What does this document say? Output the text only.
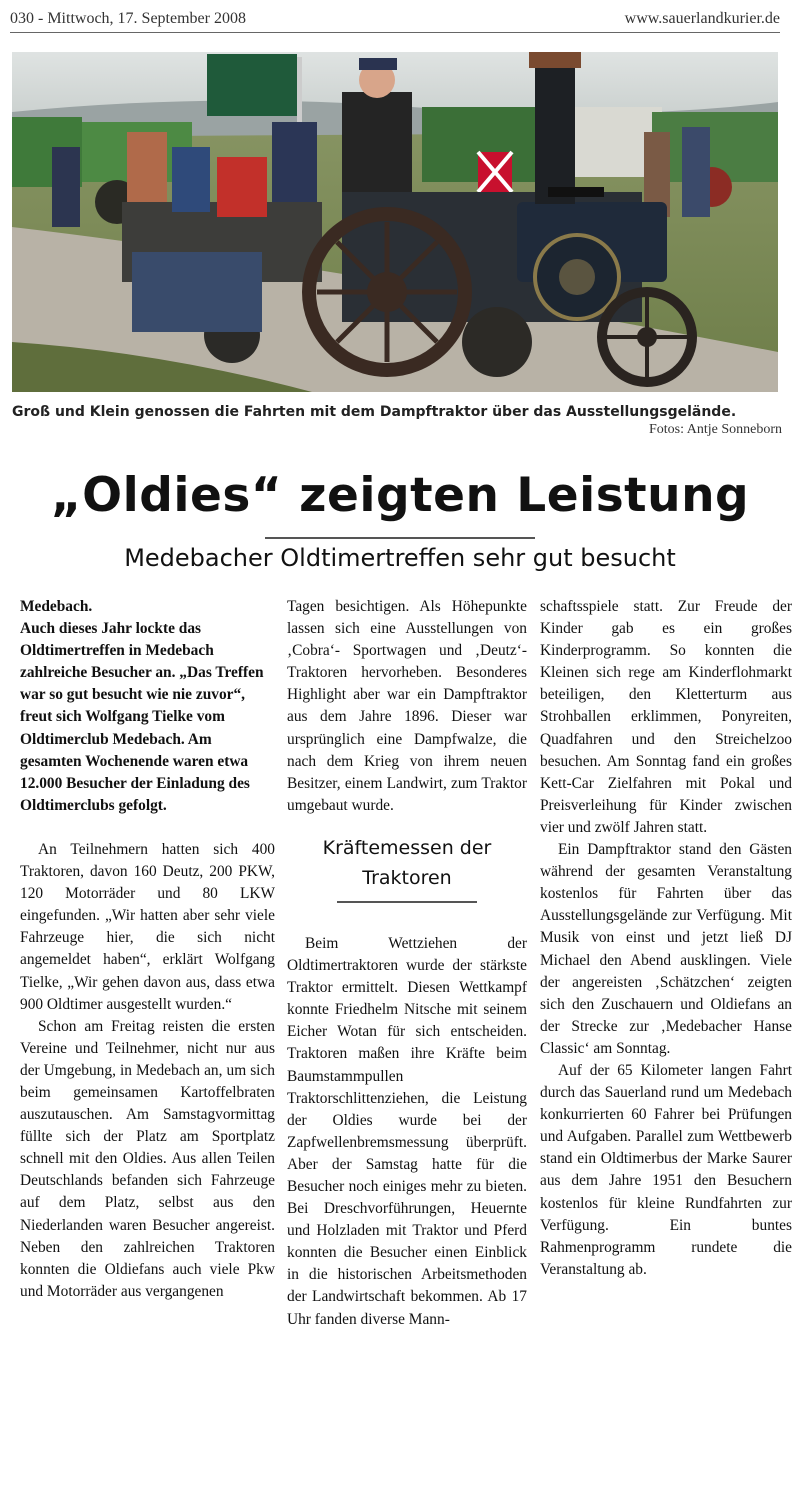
030 - Mittwoch, 17. September 2008	www.sauerlandkurier.de
Groß und Klein genossen die Fahrten mit dem Dampftraktor über das Ausstellungsgelände.
Fotos: Antje Sonneborn
„Oldies“ zeigten Leistung
Medebacher Oldtimertreffen sehr gut besucht

Medebach.

Auch dieses Jahr lockte das Oldtimertreffen in Medebach zahlreiche Besucher an. „Das Treffen war so gut besucht wie nie zuvor“, freut sich Wolfgang Tielke vom Oldtimerclub Medebach. Am gesamten Wochenende waren etwa 12.000 Besucher der Einladung des Oldtimerclubs gefolgt.

An Teilnehmern hatten sich 400 Traktoren, davon 160 Deutz, 200 PKW, 120 Motorräder und 80 LKW eingefunden. „Wir hatten aber sehr viele Fahrzeuge hier, die sich nicht angemeldet haben“, erklärt Wolfgang Tielke, „Wir gehen davon aus, dass etwa 900 Oldtimer ausgestellt wurden.“

Schon am Freitag reisten die ersten Vereine und Teilnehmer, nicht nur aus der Umgebung, in Medebach an, um sich beim gemeinsamen Kartoffelbraten auszutauschen. Am Samstagvormittag füllte sich der Platz am Sportplatz schnell mit den Oldies. Aus allen Teilen Deutschlands befanden sich Fahrzeuge auf dem Platz, selbst aus den Niederlanden waren Besucher angereist. Neben den zahlreichen Traktoren konnten die Oldiefans auch viele Pkw und Motorräder aus vergangenen

Tagen besichtigen. Als Höhepunkte lassen sich eine Ausstellungen von ‚Cobra‘- Sportwagen und ‚Deutz‘- Traktoren hervorheben. Besonderes Highlight aber war ein Dampftraktor aus dem Jahre 1896. Dieser war ursprünglich eine Dampfwalze, die nach dem Krieg von ihrem neuen Besitzer, einem Landwirt, zum Traktor umgebaut wurde.

Kräftemessen der
Traktoren

Beim Wettziehen der Oldtimertraktoren wurde der stärkste Traktor ermittelt. Diesen Wettkampf konnte Friedhelm Nitsche mit seinem Eicher Wotan für sich entscheiden. Traktoren maßen ihre Kräfte beim Baumstammpullen Traktorschlittenziehen, die Leistung der Oldies wurde bei der Zapfwellenbremsmessung überprüft. Aber der Samstag hatte für die Besucher noch einiges mehr zu bieten. Bei Dreschvorführungen, Heuernte und Holzladen mit Traktor und Pferd konnten die Besucher einen Einblick in die historischen Arbeitsmethoden der Landwirtschaft bekommen. Ab 17 Uhr fanden diverse Mann-

schaftsspiele statt. Zur Freude der Kinder gab es ein großes Kinderprogramm. So konnten die Kleinen sich rege am Kinderflohmarkt beteiligen, den Kletterturm aus Strohballen erklimmen, Ponyreiten, Quadfahren und den Streichelzoo besuchen. Am Sonntag fand ein großes Kett-Car Zielfahren mit Pokal und Preisverleihung für Kinder zwischen vier und zwölf Jahren statt.

Ein Dampftraktor stand den Gästen während der gesamten Veranstaltung kostenlos für Fahrten über das Ausstellungsgelände zur Verfügung. Mit Musik von einst und jetzt ließ DJ Michael den Abend ausklingen. Viele der angereisten ‚Schätzchen‘ zeigten sich den Zuschauern und Oldiefans an der Strecke zur ‚Medebacher Hanse Classic‘ am Sonntag.

Auf der 65 Kilometer langen Fahrt durch das Sauerland rund um Medebach konkurrierten 60 Fahrer bei Prüfungen und Aufgaben. Parallel zum Wettbewerb stand ein Oldtimerbus der Marke Saurer aus dem Jahre 1951 den Besuchern kostenlos für kleine Rundfahrten zur Verfügung. Ein buntes Rahmenprogramm rundete die Veranstaltung ab.
